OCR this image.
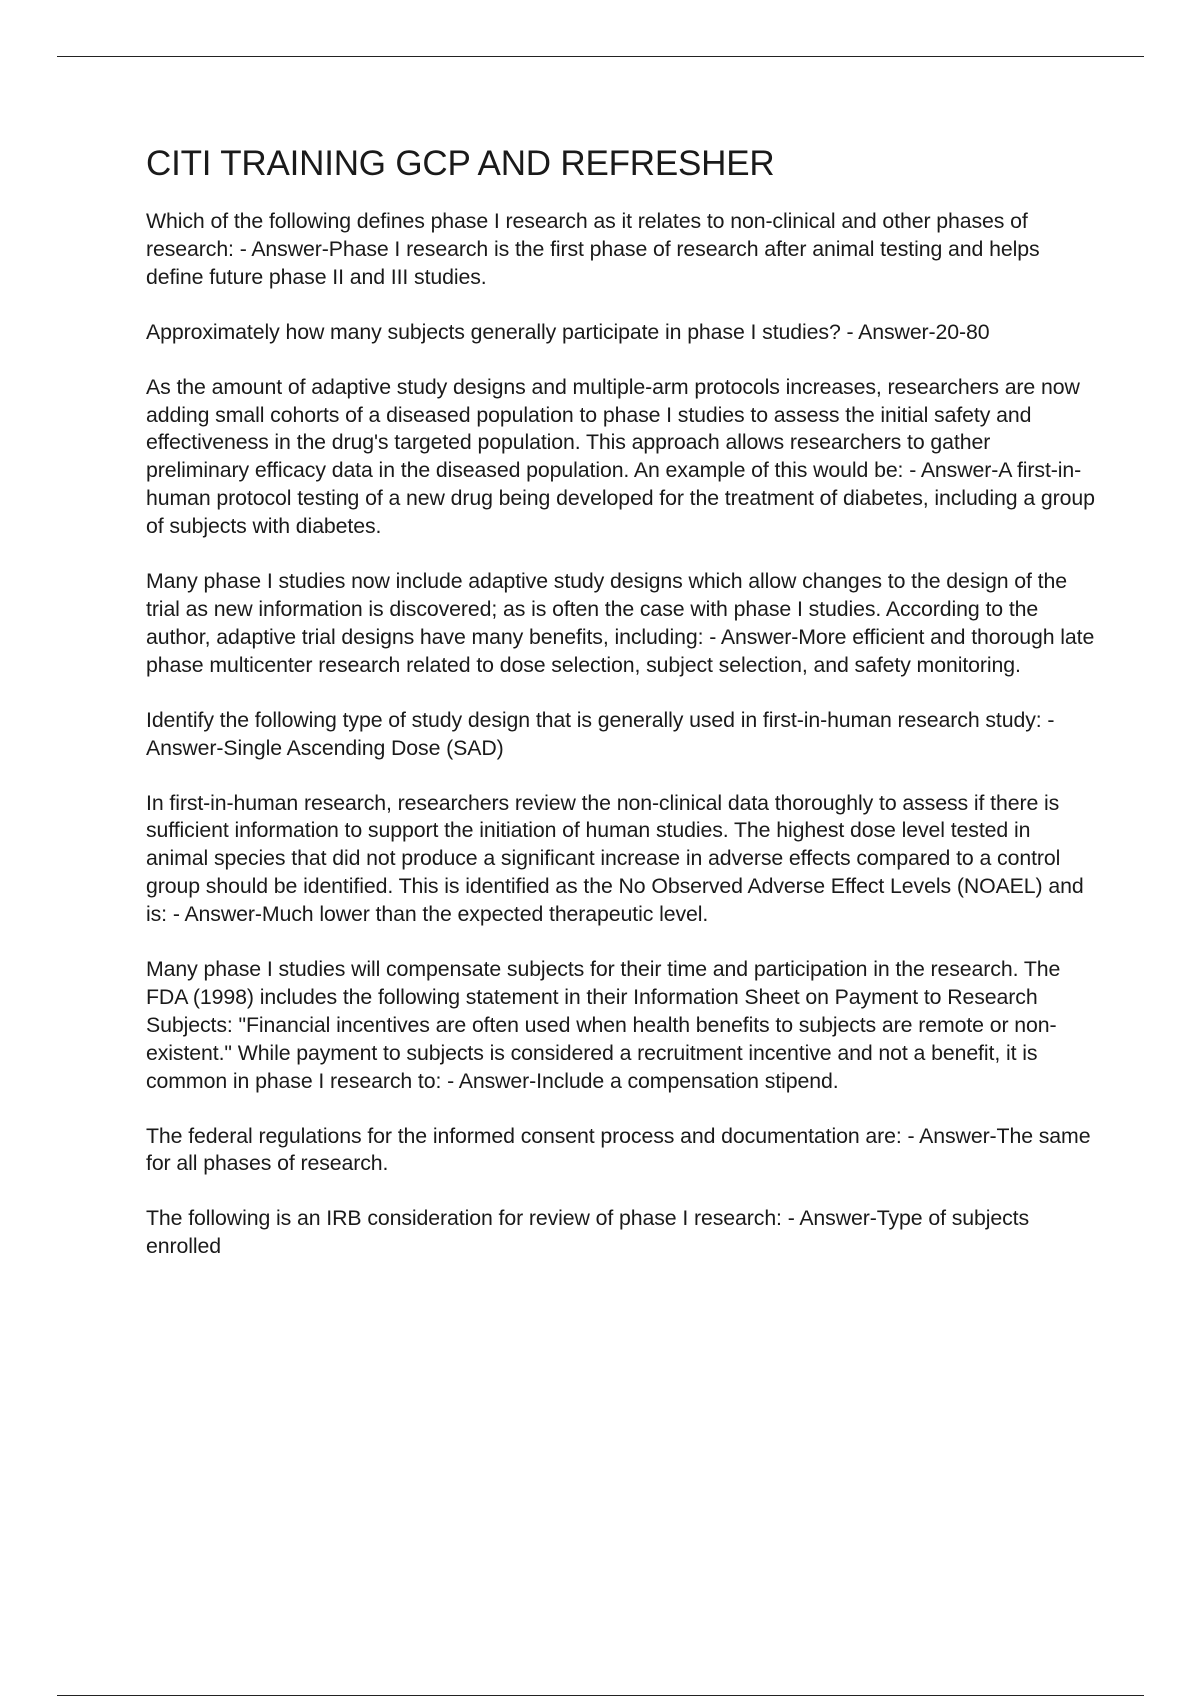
CITI TRAINING GCP AND REFRESHER

Which of the following defines phase I research as it relates to non-clinical and other phases of research: - Answer-Phase I research is the first phase of research after animal testing and helps define future phase II and III studies.

Approximately how many subjects generally participate in phase I studies? - Answer-20-80

As the amount of adaptive study designs and multiple-arm protocols increases, researchers are now adding small cohorts of a diseased population to phase I studies to assess the initial safety and effectiveness in the drug's targeted population. This approach allows researchers to gather preliminary efficacy data in the diseased population. An example of this would be: - Answer-A first-in-human protocol testing of a new drug being developed for the treatment of diabetes, including a group of subjects with diabetes.

Many phase I studies now include adaptive study designs which allow changes to the design of the trial as new information is discovered; as is often the case with phase I studies. According to the author, adaptive trial designs have many benefits, including: - Answer-More efficient and thorough late phase multicenter research related to dose selection, subject selection, and safety monitoring.

Identify the following type of study design that is generally used in first-in-human research study: - Answer-Single Ascending Dose (SAD)

In first-in-human research, researchers review the non-clinical data thoroughly to assess if there is sufficient information to support the initiation of human studies. The highest dose level tested in animal species that did not produce a significant increase in adverse effects compared to a control group should be identified. This is identified as the No Observed Adverse Effect Levels (NOAEL) and is: - Answer-Much lower than the expected therapeutic level.

Many phase I studies will compensate subjects for their time and participation in the research. The FDA (1998) includes the following statement in their Information Sheet on Payment to Research Subjects: "Financial incentives are often used when health benefits to subjects are remote or non-existent." While payment to subjects is considered a recruitment incentive and not a benefit, it is common in phase I research to: - Answer-Include a compensation stipend.

The federal regulations for the informed consent process and documentation are: - Answer-The same for all phases of research.

The following is an IRB consideration for review of phase I research: - Answer-Type of subjects enrolled
